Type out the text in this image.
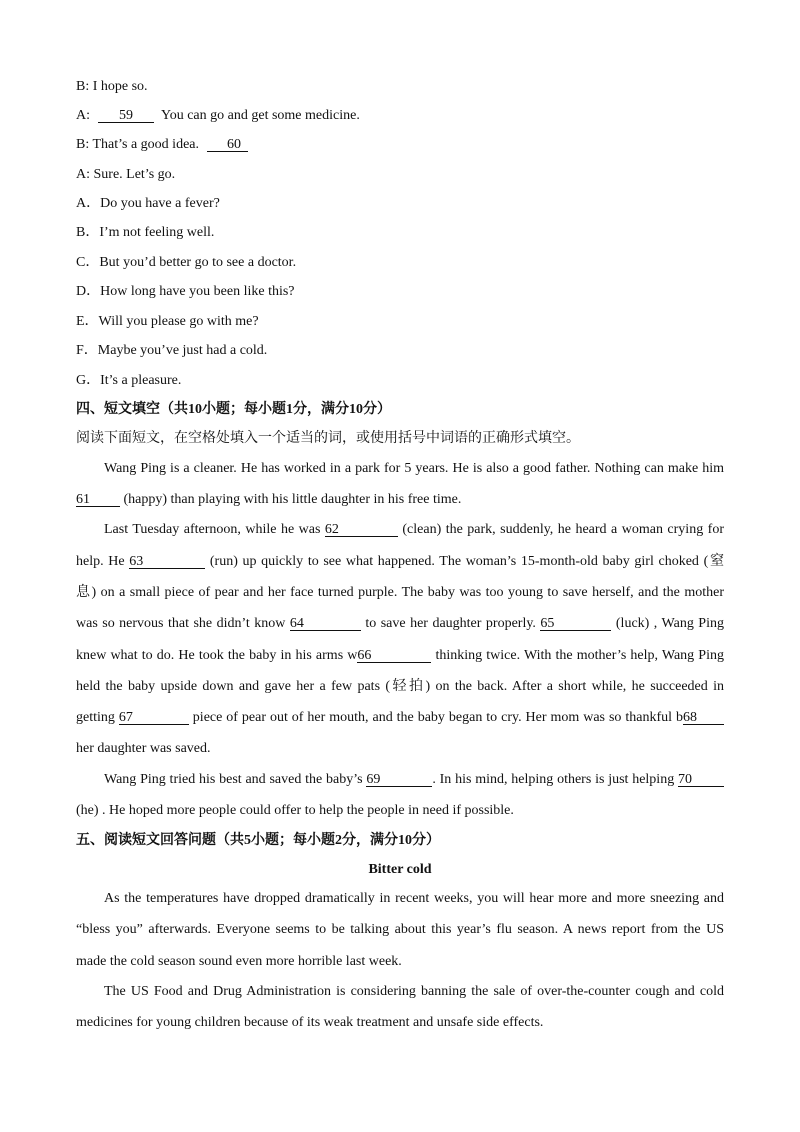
B: I hope so.
A: 59 You can go and get some medicine.
B: That’s a good idea. 60
A: Sure. Let’s go.
A．Do you have a fever?
B．I’m not feeling well.
C．But you’d better go to see a doctor.
D．How long have you been like this?
E．Will you please go with me?
F．Maybe you’ve just had a cold.
G．It’s a pleasure.
四、短文填空（共10小题；每小题1分，满分10分）
阅读下面短文，在空格处填入一个适当的词，或使用括号中词语的正确形式填空。
Wang Ping is a cleaner. He has worked in a park for 5 years. He is also a good father. Nothing can make him
61 (happy) than playing with his little daughter in his free time.
Last Tuesday afternoon, while he was 62	(clean) the park, suddenly, he heard a woman crying for
help. He 63	(run) up quickly to see what happened. The woman’s 15-month-old baby girl choked (窒
息) on a small piece of pear and her face turned purple. The baby was too young to save herself, and the mother
was so nervous that she didn’t know 64	to save her daughter properly. 65	(luck) , Wang Ping
knew what to do. He took the baby in his arms w66	thinking twice. With the mother’s help, Wang Ping
held the baby upside down and gave her a few pats (轻拍) on the back. After a short while, he succeeded in
getting 67	piece of pear out of her mouth, and the baby began to cry. Her mom was so thankful b68
her daughter was saved.
Wang Ping tried his best and saved the baby’s 69	. In his mind, helping others is just helping 70
(he) . He hoped more people could offer to help the people in need if possible.
五、阅读短文回答问题（共5小题；每小题2分，满分10分）
Bitter cold
As the temperatures have dropped dramatically in recent weeks, you will hear more and more sneezing and
“bless you” afterwards. Everyone seems to be talking about this year’s flu season. A news report from the US
made the cold season sound even more horrible last week.
The US Food and Drug Administration is considering banning the sale of over-the-counter cough and cold
medicines for young children because of its weak treatment and unsafe side effects.
